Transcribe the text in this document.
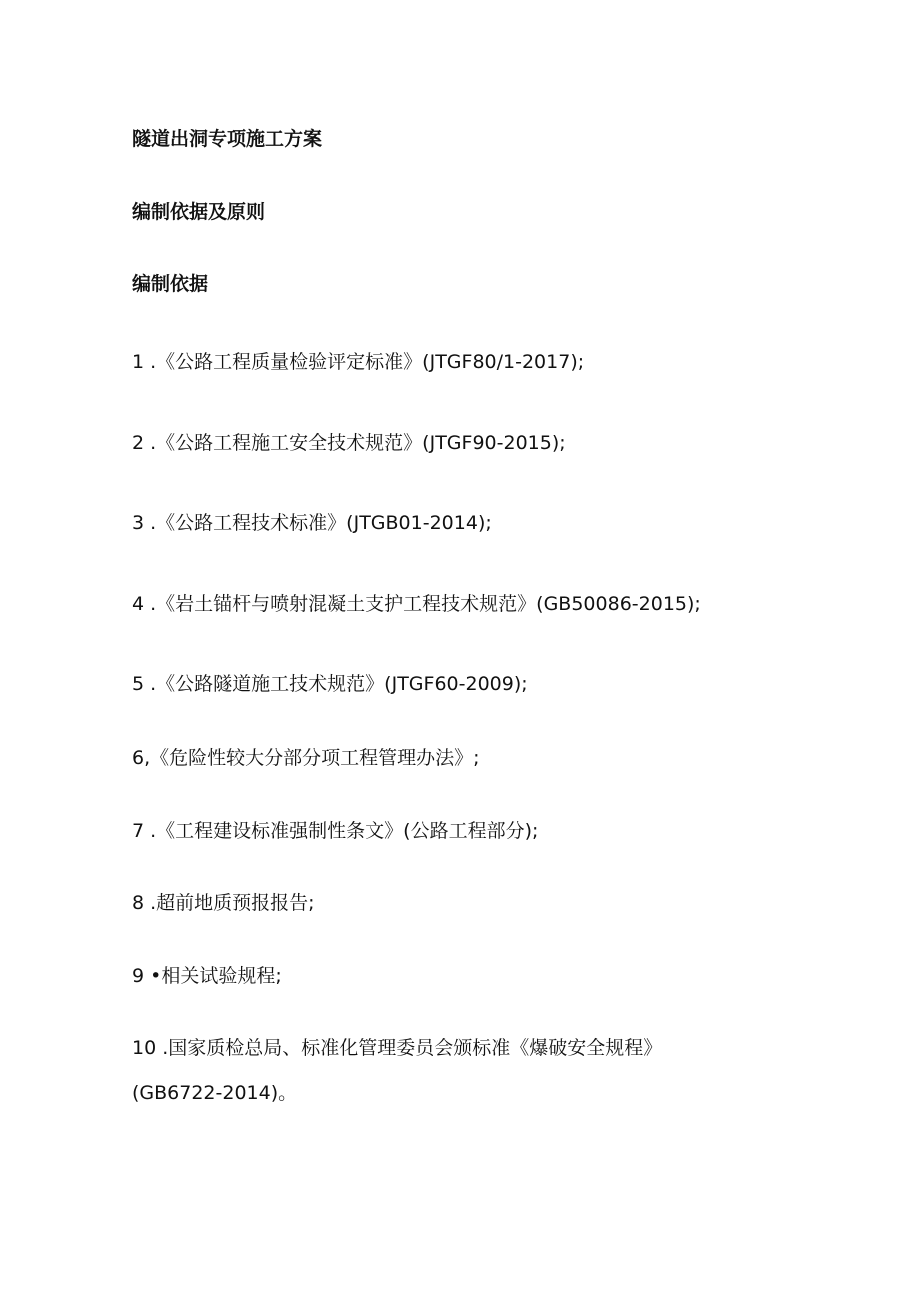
隧道出洞专项施工方案
编制依据及原则
编制依据
1 .《公路工程质量检验评定标准》(JTGF80/1-2017);
2 .《公路工程施工安全技术规范》(JTGF90-2015);
3 .《公路工程技术标准》(JTGB01-2014);
4 .《岩土锚杆与喷射混凝土支护工程技术规范》(GB50086-2015);
5 .《公路隧道施工技术规范》(JTGF60-2009);
6,《危险性较大分部分项工程管理办法》;
7 .《工程建设标准强制性条文》(公路工程部分);
8 .超前地质预报报告;
9 •相关试验规程;
10 .国家质检总局、标准化管理委员会颁标准《爆破安全规程》
(GB6722-2014)。
